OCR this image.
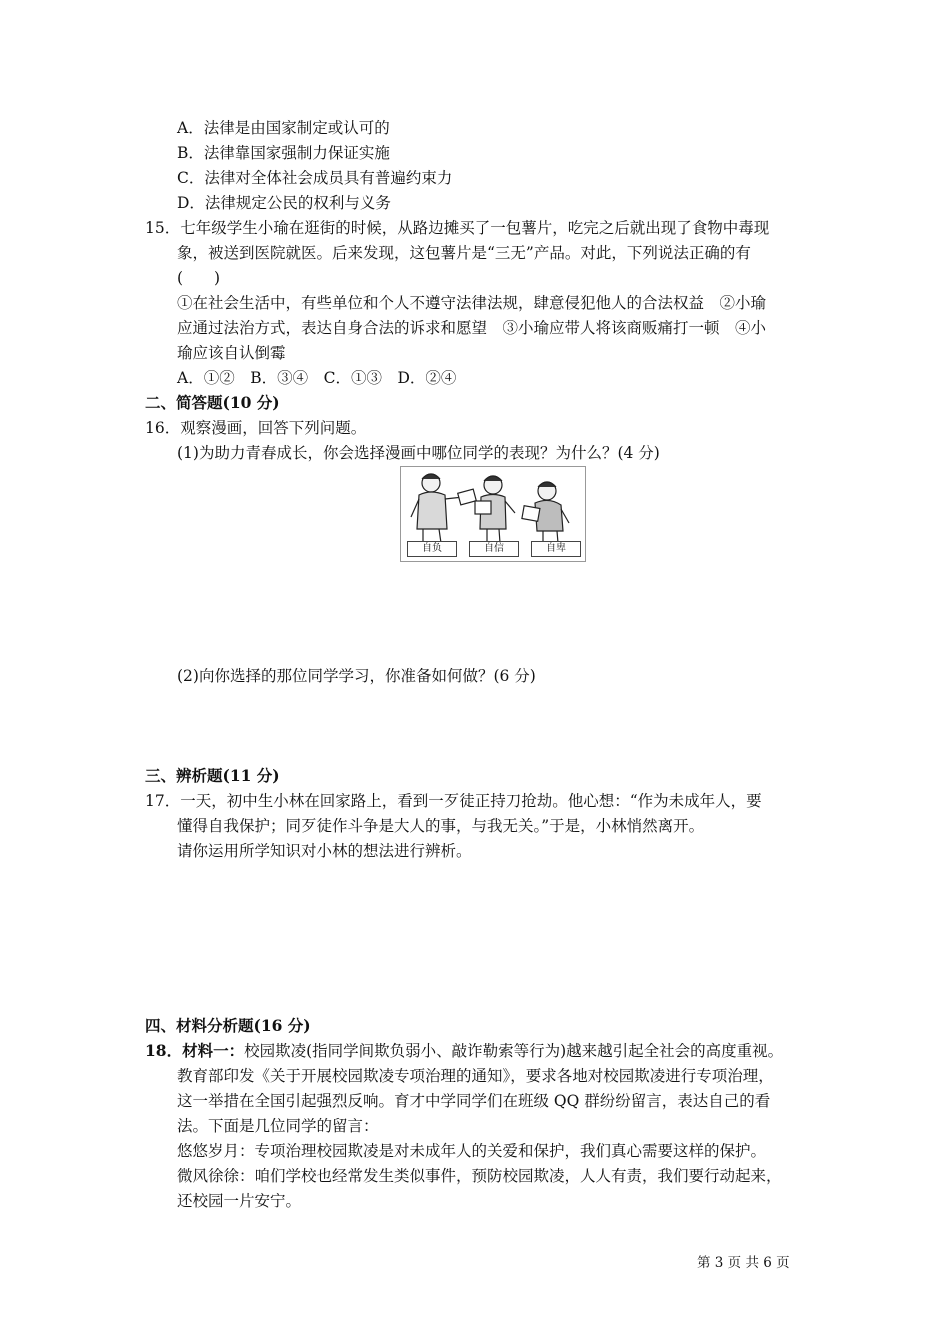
A．法律是由国家制定或认可的
B．法律靠国家强制力保证实施
C．法律对全体社会成员具有普遍约束力
D．法律规定公民的权利与义务
15．七年级学生小瑜在逛街的时候，从路边摊买了一包薯片，吃完之后就出现了食物中毒现
象，被送到医院就医。后来发现，这包薯片是“三无”产品。对此，下列说法正确的有
(　　)
①在社会生活中，有些单位和个人不遵守法律法规，肆意侵犯他人的合法权益　②小瑜
应通过法治方式，表达自身合法的诉求和愿望　③小瑜应带人将该商贩痛打一顿　④小
瑜应该自认倒霉
A．①②　B．③④　C．①③　D．②④
二、简答题(10 分)
16．观察漫画，回答下列问题。
(1)为助力青春成长，你会选择漫画中哪位同学的表现？为什么？(4 分)
自负	自信	自卑
(2)向你选择的那位同学学习，你准备如何做？(6 分)
三、辨析题(11 分)
17．一天，初中生小林在回家路上，看到一歹徒正持刀抢劫。他心想：“作为未成年人，要
懂得自我保护；同歹徒作斗争是大人的事，与我无关。”于是，小林悄然离开。
请你运用所学知识对小林的想法进行辨析。
四、材料分析题(16 分)
18．材料一：校园欺凌(指同学间欺负弱小、敲诈勒索等行为)越来越引起全社会的高度重视。
教育部印发《关于开展校园欺凌专项治理的通知》，要求各地对校园欺凌进行专项治理，
这一举措在全国引起强烈反响。育才中学同学们在班级 QQ 群纷纷留言，表达自己的看
法。下面是几位同学的留言：
悠悠岁月：专项治理校园欺凌是对未成年人的关爱和保护，我们真心需要这样的保护。
微风徐徐：咱们学校也经常发生类似事件，预防校园欺凌，人人有责，我们要行动起来，
还校园一片安宁。
第 3 页 共 6 页
